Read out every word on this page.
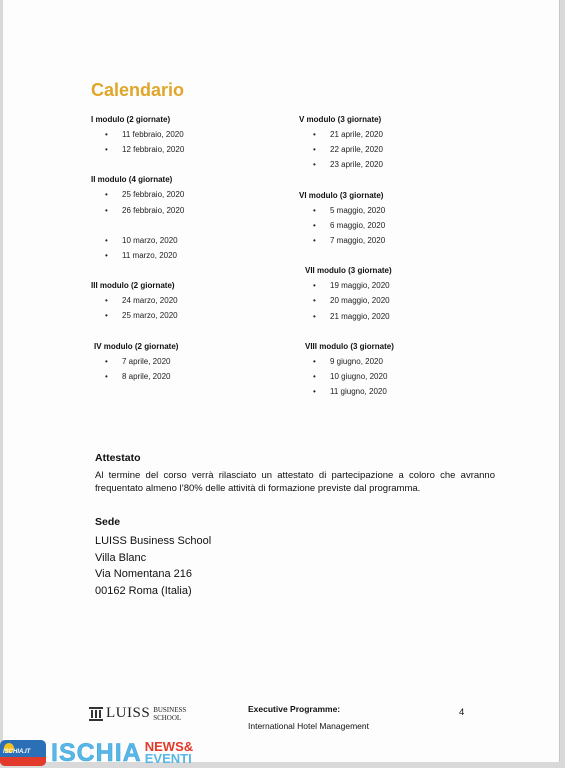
Calendario
I modulo (2 giornate)
• 11 febbraio, 2020
• 12 febbraio, 2020
II modulo (4 giornate)
• 25 febbraio, 2020
• 26 febbraio, 2020
• 10 marzo, 2020
• 11 marzo, 2020
III modulo (2 giornate)
• 24 marzo, 2020
• 25 marzo, 2020
IV modulo (2 giornate)
• 7 aprile, 2020
• 8 aprile, 2020
V modulo (3 giornate)
• 21 aprile, 2020
• 22 aprile, 2020
• 23 aprile, 2020
VI modulo (3 giornate)
• 5 maggio, 2020
• 6 maggio, 2020
• 7 maggio, 2020
VII modulo (3 giornate)
• 19 maggio, 2020
• 20 maggio, 2020
• 21 maggio, 2020
VIII modulo (3 giornate)
• 9 giugno, 2020
• 10 giugno, 2020
• 11 giugno, 2020
Attestato
Al termine del corso verrà rilasciato un attestato di partecipazione a coloro che avranno frequentato almeno l’80% delle attività di formazione previste dal programma.
Sede
LUISS Business School
Villa Blanc
Via Nomentana 216
00162 Roma (Italia)
LUISS BUSINESS
SCHOOL
Executive Programme:
International Hotel Management
4
ISCHIA.IT ISCHIA NEWS&
EVENTI
